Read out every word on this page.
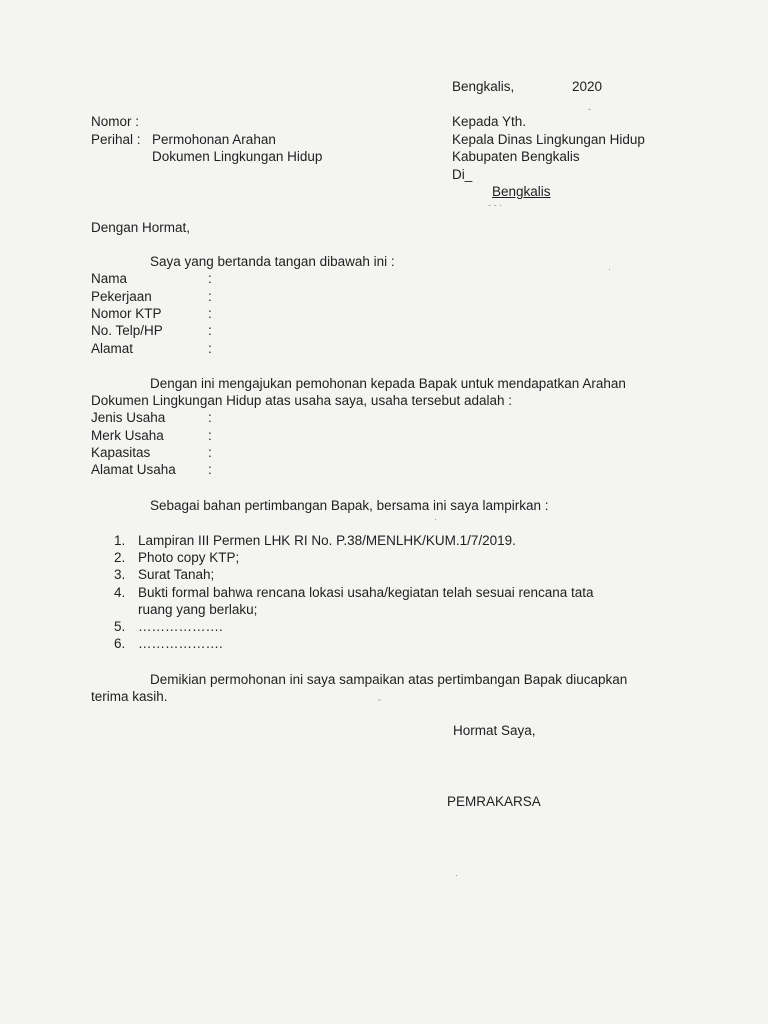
Bengkalis,	2020
Nomor :
Perihal : Permohonan Arahan
Dokumen Lingkungan Hidup
Kepada Yth.
Kepala Dinas Lingkungan Hidup
Kabupaten Bengkalis
Di_
Bengkalis
Dengan Hormat,
Saya yang bertanda tangan dibawah ini :
Nama	:
Pekerjaan	:
Nomor KTP	:
No. Telp/HP	:
Alamat	:
Dengan ini mengajukan pemohonan kepada Bapak untuk mendapatkan Arahan
Dokumen Lingkungan Hidup atas usaha saya, usaha tersebut adalah :
Jenis Usaha	:
Merk Usaha	:
Kapasitas	:
Alamat Usaha :
Sebagai bahan pertimbangan Bapak, bersama ini saya lampirkan :
1. Lampiran III Permen LHK RI No. P.38/MENLHK/KUM.1/7/2019.
2. Photo copy KTP;
3. Surat Tanah;
4. Bukti formal bahwa rencana lokasi usaha/kegiatan telah sesuai rencana tata
ruang yang berlaku;
5. ……………….
6. ……………….
Demikian permohonan ini saya sampaikan atas pertimbangan Bapak diucapkan
terima kasih.
Hormat Saya,
PEMRAKARSA
-
- - ·
·
·
ˇ
·
